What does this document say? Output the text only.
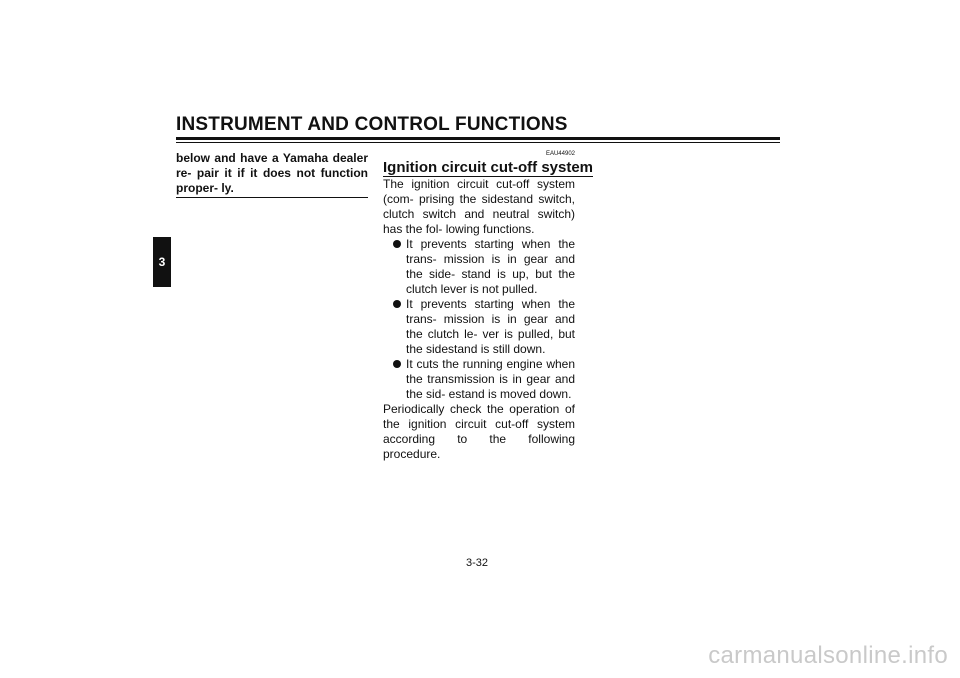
INSTRUMENT AND CONTROL FUNCTIONS
3

below and have a Yamaha dealer re- pair it if it does not function proper- ly.

EAU44902
Ignition circuit cut-off system

The ignition circuit cut-off system (com- prising the sidestand switch, clutch switch and neutral switch) has the fol- lowing functions.

It prevents starting when the trans- mission is in gear and the side- stand is up, but the clutch lever is not pulled.
It prevents starting when the trans- mission is in gear and the clutch le- ver is pulled, but the sidestand is still down.
It cuts the running engine when the transmission is in gear and the sid- estand is moved down.

Periodically check the operation of the ignition circuit cut-off system according to the following procedure.

3-32
carmanualsonline.info
